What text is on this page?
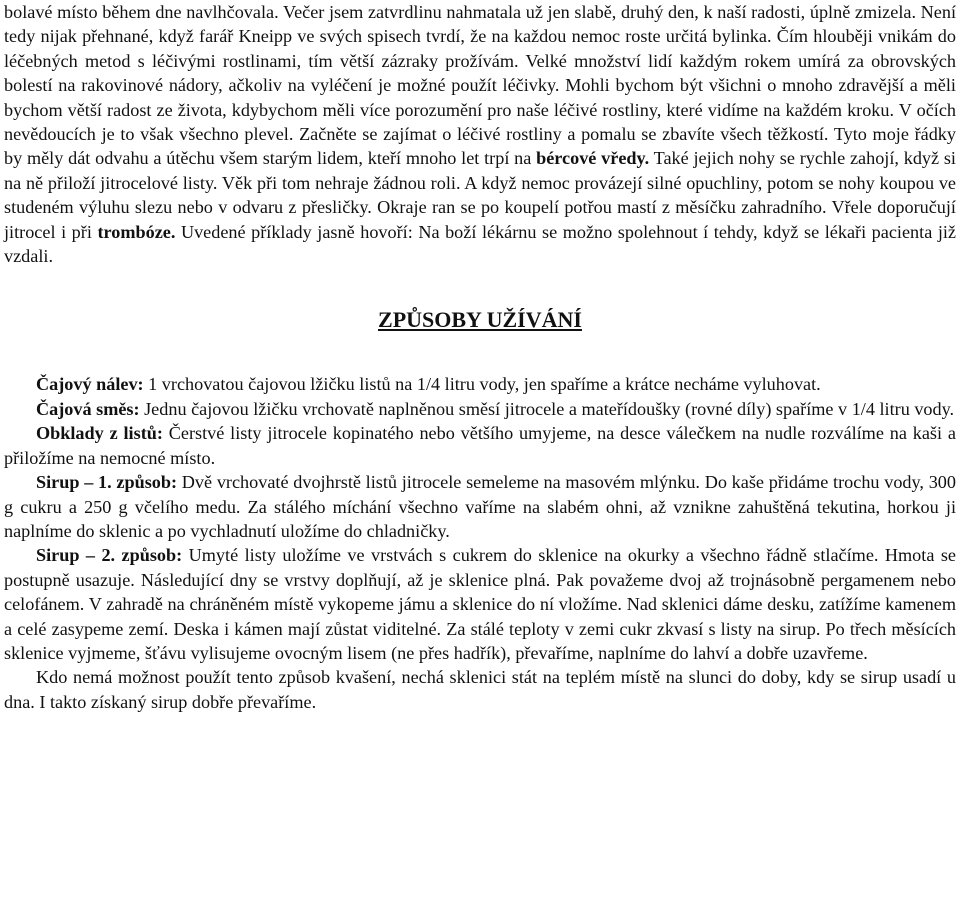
bolavé místo během dne navlhčovala. Večer jsem zatvrdlinu nahmatala už jen slabě, druhý den, k naší radosti, úplně zmizela. Není tedy nijak přehnané, když farář Kneipp ve svých spisech tvrdí, že na každou nemoc roste určitá bylinka. Čím hlouběji vnikám do léčebných metod s léčivými rostlinami, tím větší zázraky prožívám. Velké množství lidí každým rokem umírá za obrovských bolestí na rakovinové nádory, ačkoliv na vyléčení je možné použít léčivky. Mohli bychom být všichni o mnoho zdravější a měli bychom větší radost ze života, kdybychom měli více porozumění pro naše léčivé rostliny, které vidíme na každém kroku. V očích nevědoucích je to však všechno plevel. Začněte se zajímat o léčivé rostliny a pomalu se zbavíte všech těžkostí. Tyto moje řádky by měly dát odvahu a útěchu všem starým lidem, kteří mnoho let trpí na bércové vředy. Také jejich nohy se rychle zahojí, když si na ně přiloží jitrocelové listy. Věk při tom nehraje žádnou roli. A když nemoc provázejí silné opuchliny, potom se nohy koupou ve studeném výluhu slezu nebo v odvaru z přesličky. Okraje ran se po koupelí potřou mastí z měsíčku zahradního. Vřele doporučují jitrocel i při trombóze. Uvedené příklady jasně hovoří: Na boží lékárnu se možno spolehnout í tehdy, když se lékaři pacienta již vzdali.

ZPŮSOBY UŽÍVÁNÍ

Čajový nálev: 1 vrchovatou čajovou lžičku listů na 1/4 litru vody, jen spaříme a krátce necháme vyluhovat.

Čajová směs: Jednu čajovou lžičku vrchovatě naplněnou směsí jitrocele a mateřídoušky (rovné díly) spaříme v 1/4 litru vody.

Obklady z listů: Čerstvé listy jitrocele kopinatého nebo většího umyjeme, na desce válečkem na nudle rozválíme na kaši a přiložíme na nemocné místo.

Sirup – 1. způsob: Dvě vrchovaté dvojhrstě listů jitrocele semeleme na masovém mlýnku. Do kaše přidáme trochu vody, 300 g cukru a 250 g včelího medu. Za stálého míchání všechno vaříme na slabém ohni, až vznikne zahuštěná tekutina, horkou ji naplníme do sklenic a po vychladnutí uložíme do chladničky.

Sirup – 2. způsob: Umyté listy uložíme ve vrstvách s cukrem do sklenice na okurky a všechno řádně stlačíme. Hmota se postupně usazuje. Následující dny se vrstvy doplňují, až je sklenice plná. Pak považeme dvoj až trojnásobně pergamenem nebo celofánem. V zahradě na chráněném místě vykopeme jámu a sklenice do ní vložíme. Nad sklenici dáme desku, zatížíme kamenem a celé zasypeme zemí. Deska i kámen mají zůstat viditelné. Za stálé teploty v zemi cukr zkvasí s listy na sirup. Po třech měsících sklenice vyjmeme, šťávu vylisujeme ovocným lisem (ne přes hadřík), převaříme, naplníme do lahví a dobře uzavřeme.

Kdo nemá možnost použít tento způsob kvašení, nechá sklenici stát na teplém místě na slunci do doby, kdy se sirup usadí u dna. I takto získaný sirup dobře převaříme.
